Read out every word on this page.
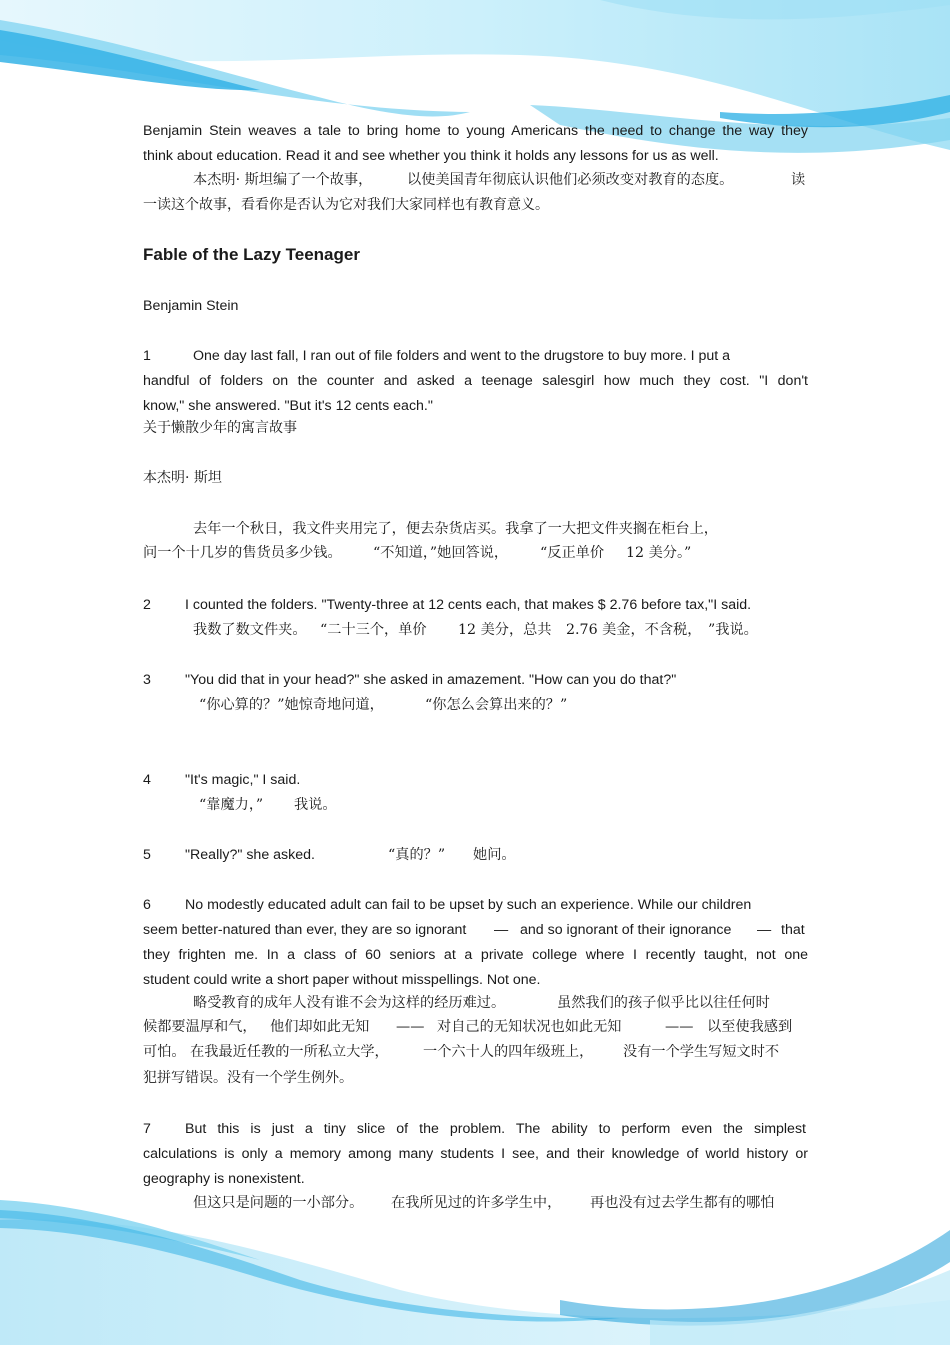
Benjamin Stein weaves a tale to bring home to young Americans the need to change the way they
think about education. Read it and see whether you think it holds any lessons for us as well.
本杰明· 斯坦编了一个故事， 以使美国青年彻底认识他们必须改变对教育的态度。	读
一读这个故事，看看你是否认为它对我们大家同样也有教育意义。
Fable of the Lazy Teenager
Benjamin Stein
1	One day last fall, I ran out of file folders and went to the drugstore to buy more. I put a
handful of folders on the counter and asked a teenage salesgirl how much they cost. "I don't
know," she answered. "But it's 12 cents each."
关于懒散少年的寓言故事
本杰明· 斯坦
去年一个秋日，我文件夹用完了，便去杂货店买。我拿了一大把文件夹搁在柜台上，
问一个十几岁的售货员多少钱。 “不知道，”她回答说， “反正单价 12 美分。”
2 I counted the folders. "Twenty-three at 12 cents each, that makes $ 2.76 before tax,"I said.
我数了数文件夹。 “二十三个，单价 12 美分，总共 2.76 美金，不含税， ”我说。
3 "You did that in your head?" she asked in amazement. "How can you do that?"
“你心算的？”她惊奇地问道，	“你怎么会算出来的？”
4 "It's magic," I said.
“靠魔力，” 我说。
5 "Really?" she asked.	“真的？” 她问。
6 No modestly educated adult can fail to be upset by such an experience. While our children
seem better-natured than ever, they are so ignorant — and so ignorant of their ignorance — that
they frighten me. In a class of 60 seniors at a private college where I recently taught, not one
student could write a short paper without misspellings. Not one.
略受教育的成年人没有谁不会为这样的经历难过。	虽然我们的孩子似乎比以往任何时
候都要温厚和气， 他们却如此无知 —— 对自己的无知状况也如此无知	—— 以至使我感到
可怕。 在我最近任教的一所私立大学， 一个六十人的四年级班上， 没有一个学生写短文时不
犯拼写错误。没有一个学生例外。
7 But this is just a tiny slice of the problem. The ability to perform even the simplest
calculations is only a memory among many students I see, and their knowledge of world history or
geography is nonexistent.
但这只是问题的一小部分。 在我所见过的许多学生中， 再也没有过去学生都有的哪怕
